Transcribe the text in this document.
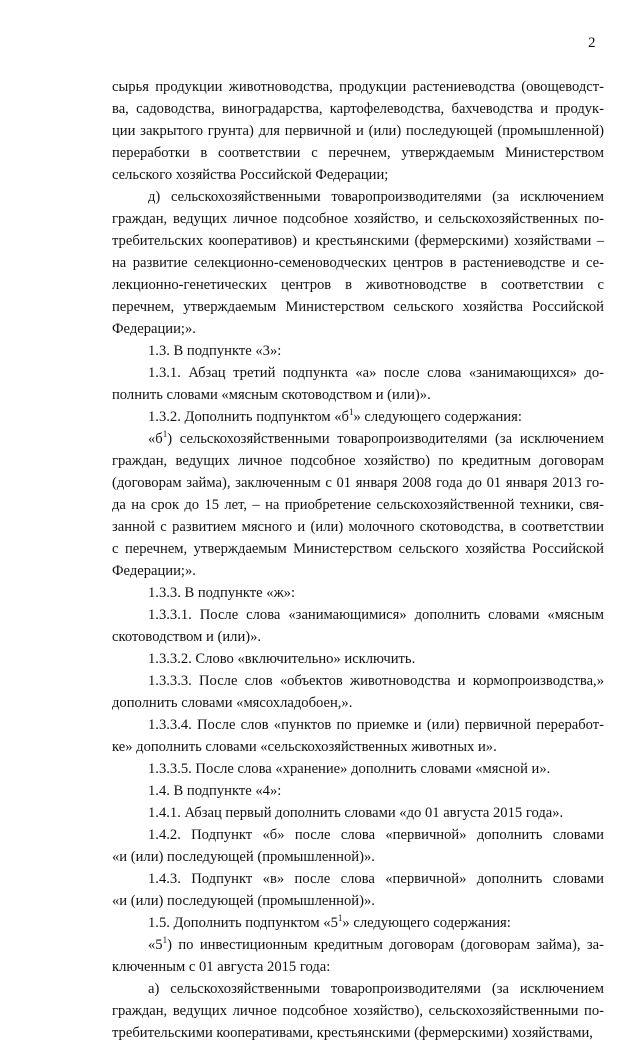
2
сырья продукции животноводства, продукции растениеводства (овощеводст-
ва, садоводства, виноградарства, картофелеводства, бахчеводства и продук-
ции закрытого грунта) для первичной и (или) последующей (промышленной)
переработки в соответствии с перечнем, утверждаемым Министерством
сельского хозяйства Российской Федерации;
д) сельскохозяйственными товаропроизводителями (за исключением
граждан, ведущих личное подсобное хозяйство, и сельскохозяйственных по-
требительских кооперативов) и крестьянскими (фермерскими) хозяйствами –
на развитие селекционно-семеноводческих центров в растениеводстве и се-
лекционно-генетических центров в животноводстве в соответствии с
перечнем, утверждаемым Министерством сельского хозяйства Российской
Федерации;».
1.3. В подпункте «3»:
1.3.1. Абзац третий подпункта «а» после слова «занимающихся» до-
полнить словами «мясным скотоводством и (или)».
1.3.2. Дополнить подпунктом «$б^1$» следующего содержания:
«$б^1$) сельскохозяйственными товаропроизводителями (за исключением
граждан, ведущих личное подсобное хозяйство) по кредитным договорам
(договорам займа), заключенным с 01 января 2008 года до 01 января 2013 го-
да на срок до 15 лет, – на приобретение сельскохозяйственной техники, свя-
занной с развитием мясного и (или) молочного скотоводства, в соответствии
с перечнем, утверждаемым Министерством сельского хозяйства Российской
Федерации;».
1.3.3. В подпункте «ж»:
1.3.3.1. После слова «занимающимися» дополнить словами «мясным
скотоводством и (или)».
1.3.3.2. Слово «включительно» исключить.
1.3.3.3. После слов «объектов животноводства и кормопроизводства,»
дополнить словами «мясохладобоен,».
1.3.3.4. После слов «пунктов по приемке и (или) первичной переработ-
ке» дополнить словами «сельскохозяйственных животных и».
1.3.3.5. После слова «хранение» дополнить словами «мясной и».
1.4. В подпункте «4»:
1.4.1. Абзац первый дополнить словами «до 01 августа 2015 года».
1.4.2. Подпункт «б» после слова «первичной» дополнить словами
«и (или) последующей (промышленной)».
1.4.3. Подпункт «в» после слова «первичной» дополнить словами
«и (или) последующей (промышленной)».
1.5. Дополнить подпунктом «$5^1$» следующего содержания:
«$5^1$) по инвестиционным кредитным договорам (договорам займа), за-
ключенным с 01 августа 2015 года:
а) сельскохозяйственными товаропроизводителями (за исключением
граждан, ведущих личное подсобное хозяйство), сельскохозяйственными по-
требительскими кооперативами, крестьянскими (фермерскими) хозяйствами,
